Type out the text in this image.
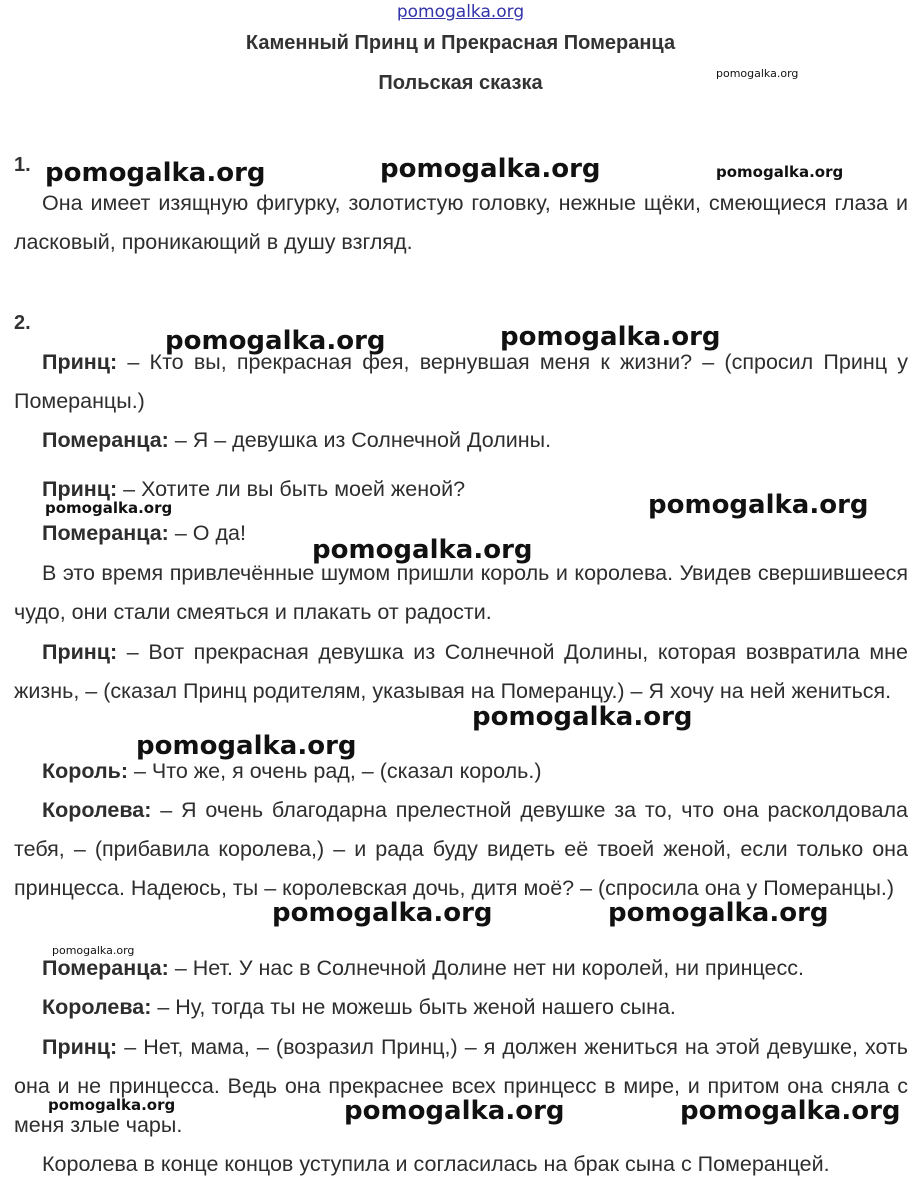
pomogalka.org
Каменный Принц и Прекрасная Померанца
Польская сказка
1.
Она имеет изящную фигурку, золотистую головку, нежные щёки, смеющиеся глаза и ласковый, проникающий в душу взгляд.
2.
Принц: – Кто вы, прекрасная фея, вернувшая меня к жизни? – (спросил Принц у Померанцы.)
Померанца: – Я – девушка из Солнечной Долины.
Принц: – Хотите ли вы быть моей женой?
Померанца: – О да!
В это время привлечённые шумом пришли король и королева. Увидев свершившееся чудо, они стали смеяться и плакать от радости.
Принц: – Вот прекрасная девушка из Солнечной Долины, которая возвратила мне жизнь, – (сказал Принц родителям, указывая на Померанцу.) – Я хочу на ней жениться.
Король: – Что же, я очень рад, – (сказал король.)
Королева: – Я очень благодарна прелестной девушке за то, что она расколдовала тебя, – (прибавила королева,) – и рада буду видеть её твоей женой, если только она принцесса. Надеюсь, ты – королевская дочь, дитя моё? – (спросила она у Померанцы.)
Померанца: – Нет. У нас в Солнечной Долине нет ни королей, ни принцесс.
Королева: – Ну, тогда ты не можешь быть женой нашего сына.
Принц: – Нет, мама, – (возразил Принц,) – я должен жениться на этой девушке, хоть она и не принцесса. Ведь она прекраснее всех принцесс в мире, и притом она сняла с меня злые чары.
Королева в конце концов уступила и согласилась на брак сына с Померанцей.
pomogalka.org
pomogalka.org	pomogalka.org	pomogalka.org
pomogalka.org	pomogalka.org
pomogalka.org	pomogalka.org
pomogalka.org
pomogalka.org
pomogalka.org
pomogalka.org	pomogalka.org
pomogalka.org
pomogalka.org	pomogalka.org	pomogalka.org
